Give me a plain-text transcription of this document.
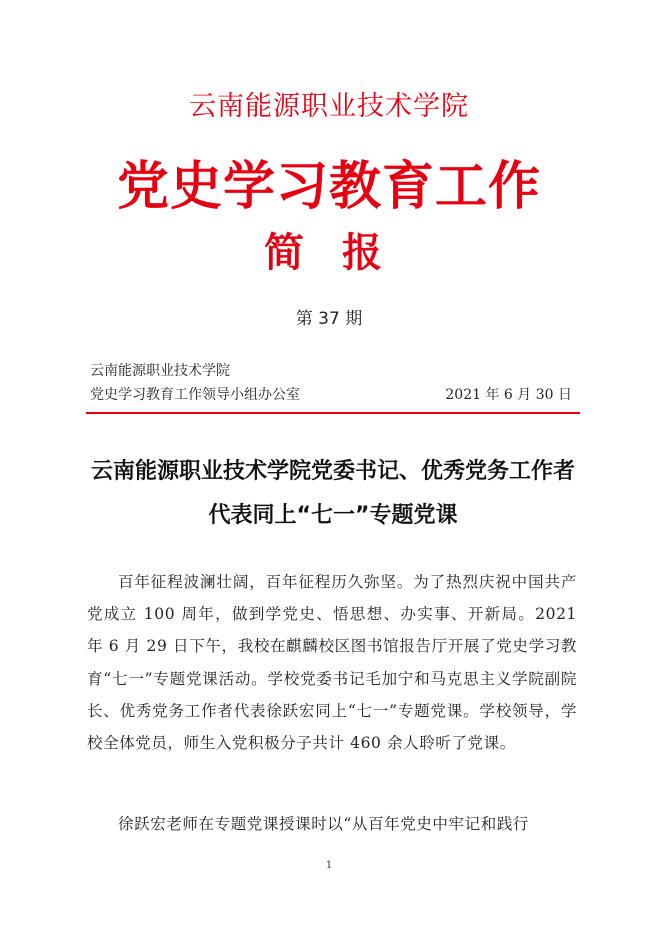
云南能源职业技术学院
党史学习教育工作
简 报
第 37 期
云南能源职业技术学院
党史学习教育工作领导小组办公室	2021 年 6 月 30 日
云南能源职业技术学院党委书记、优秀党务工作者代表同上“七一”专题党课

百年征程波澜壮阔，百年征程历久弥坚。为了热烈庆祝中国共产党成立 100 周年，做到学党史、悟思想、办实事、开新局。2021 年 6 月 29 日下午，我校在麒麟校区图书馆报告厅开展了党史学习教育“七一”专题党课活动。学校党委书记毛加宁和马克思主义学院副院长、优秀党务工作者代表徐跃宏同上“七一”专题党课。学校领导，学校全体党员，师生入党积极分子共计 460 余人聆听了党课。

徐跃宏老师在专题党课授课时以“从百年党史中牢记和践行

1
